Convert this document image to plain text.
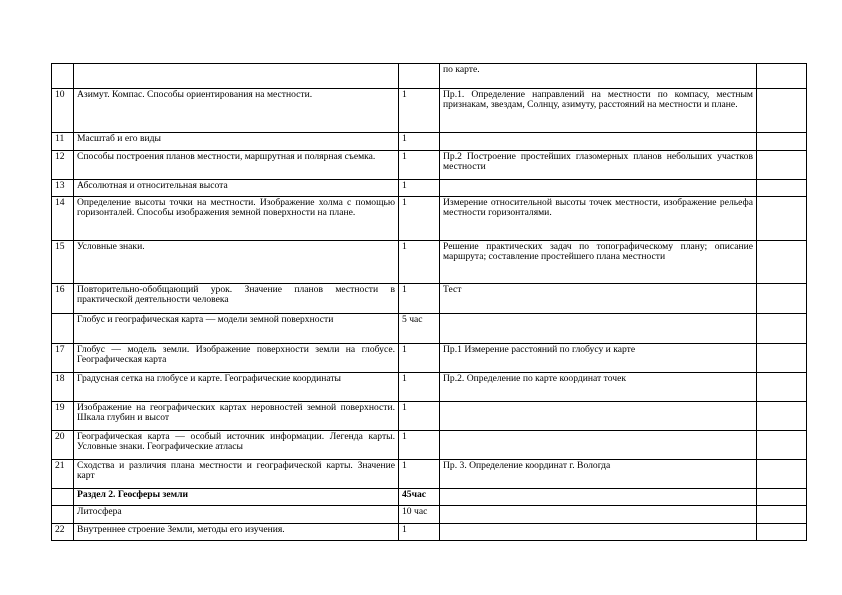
			по карте.	
10	Азимут. Компас. Способы ориентирования на местности.	1	Пр.1. Определение направлений на местности по компасу, местным признакам, звездам, Солнцу, азимуту, расстояний на местности и плане.	
11	Масштаб и его виды	1		
12	Способы построения планов местности, маршрутная и полярная съемка.	1	Пр.2 Построение простейших глазомерных планов небольших участков местности	
13	Абсолютная и относительная высота	1		
14	Определение высоты точки на местности. Изображение холма с помощью горизонталей. Способы изображения земной поверхности на плане.	1	Измерение относительной высоты точек местности, изображение рельефа местности горизонталями.	
15	Условные знаки.	1	Решение практических задач по топографическому плану; описание маршрута; составление простейшего плана местности	
16	Повторительно-обобщающий урок. Значение планов местности в практической деятельности человека	1	Тест	
	Глобус и географическая карта — модели земной поверхности	5 час		
17	Глобус — модель земли. Изображение поверхности земли на глобусе. Географическая карта	1	Пр.1 Измерение расстояний по глобусу и карте	
18	Градусная сетка на глобусе и карте. Географические координаты	1	Пр.2. Определение по карте координат точек	
19	Изображение на географических картах неровностей земной поверхности. Шкала глубин и высот	1		
20	Географическая карта — особый источник информации. Легенда карты. Условные знаки. Географические атласы	1		
21	Сходства и различия плана местности и географической карты. Значение карт	1	Пр. 3. Определение координат г. Вологда	
	Раздел 2. Геосферы земли	45час		
	Литосфера	10 час		
22	Внутреннее строение Земли, методы его изучения.	1		
